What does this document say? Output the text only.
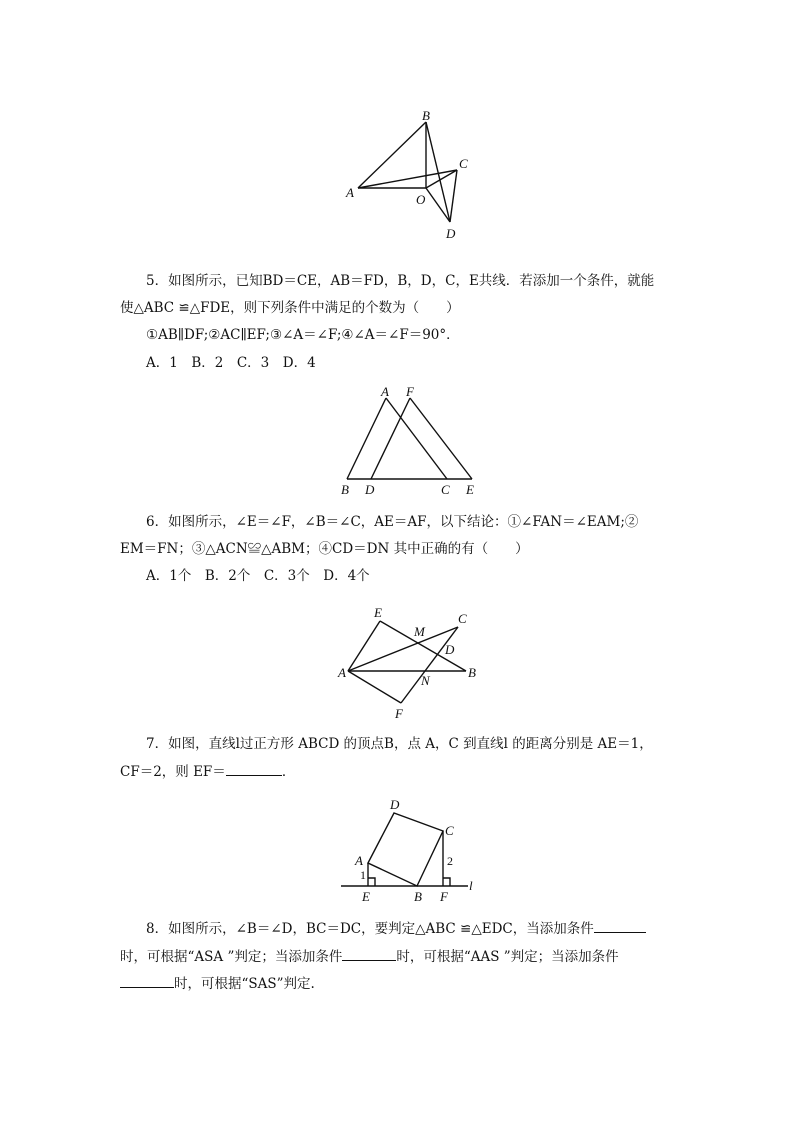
B
C
A	O
D
5．如图所示，已知BD＝CE，AB＝FD，B，D，C，E共线．若添加一个条件，就能
使△ABC ≌△FDE，则下列条件中满足的个数为（　　）
①AB∥DF;②AC∥EF;③∠A＝∠F;④∠A＝∠F＝90°．
A．1　B．2　C．3　D．4
A F
B D	C E
6．如图所示，∠E＝∠F，∠B＝∠C，AE＝AF，以下结论：①∠FAN＝∠EAM;②
EM＝FN；③△ACN≌△ABM；④CD＝DN 其中正确的有（　　）
A．1个　B．2个　C．3个　D．4个
E
M
C
D
A	B
N
F
7．如图，直线l过正方形 ABCD 的顶点B，点 A，C 到直线l 的距离分别是 AE＝1，
CF＝2，则 EF＝	．
D
C
A
1
2
E	B F
l
8．如图所示，∠B＝∠D，BC＝DC，要判定△ABC ≌△EDC，当添加条件
时，可根据“ASA ”判定；当添加条件	时，可根据“AAS ”判定；当添加条件
时，可根据“SAS”判定.
